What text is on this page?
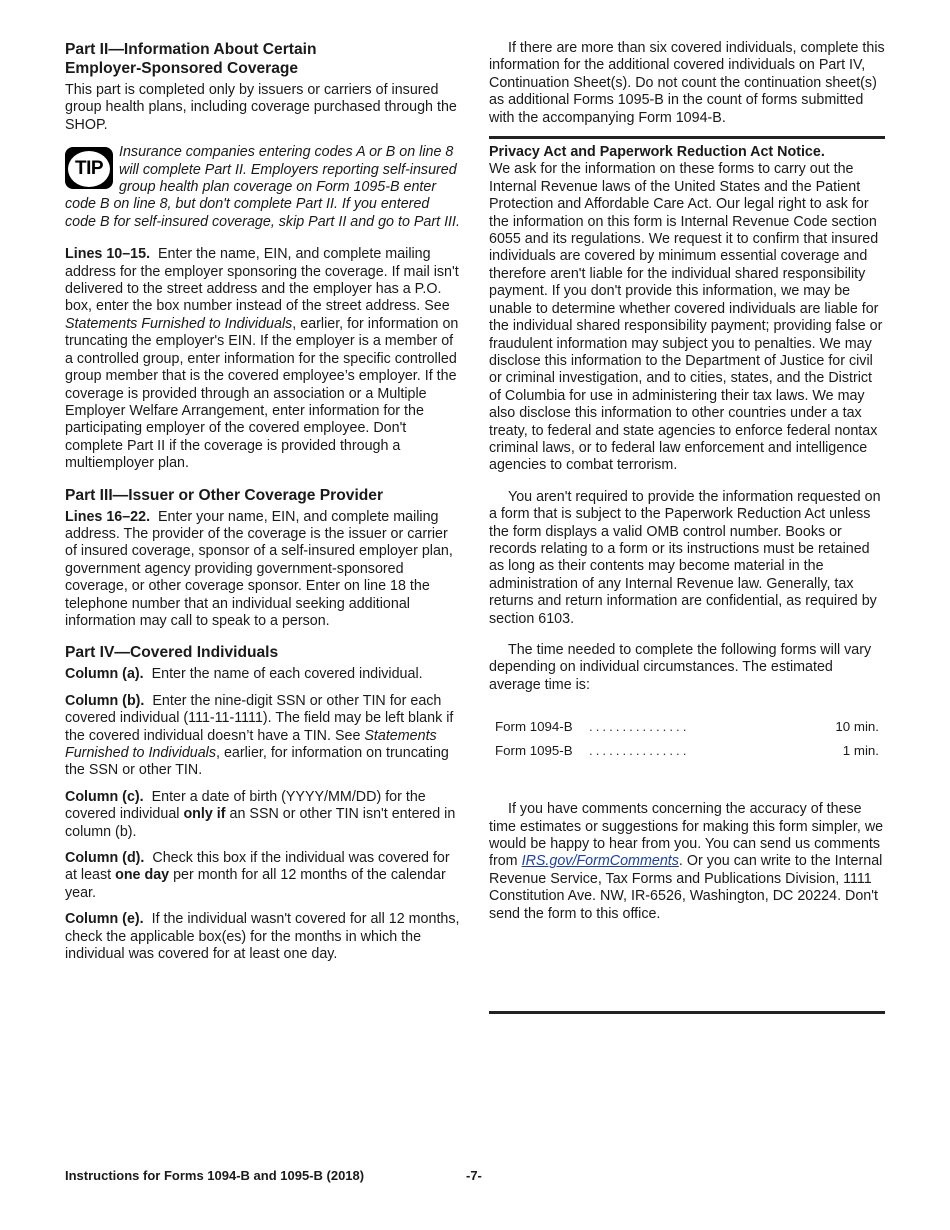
Part II—Information About Certain
Employer-Sponsored Coverage

This part is completed only by issuers or carriers of insured group health plans, including coverage purchased through the SHOP.

TIP
Insurance companies entering codes A or B on line 8 will complete Part II. Employers reporting self-insured group health plan coverage on Form 1095-B enter code B on line 8, but don't complete Part II. If you entered code B for self-insured coverage, skip Part II and go to Part III.

Lines 10–15. Enter the name, EIN, and complete mailing address for the employer sponsoring the coverage. If mail isn't delivered to the street address and the employer has a P.O. box, enter the box number instead of the street address. See Statements Furnished to Individuals, earlier, for information on truncating the employer's EIN. If the employer is a member of a controlled group, enter information for the specific controlled group member that is the covered employee’s employer. If the coverage is provided through an association or a Multiple Employer Welfare Arrangement, enter information for the participating employer of the covered employee. Don't complete Part II if the coverage is provided through a multiemployer plan.

Part III—Issuer or Other Coverage Provider

Lines 16–22. Enter your name, EIN, and complete mailing address. The provider of the coverage is the issuer or carrier of insured coverage, sponsor of a self-insured employer plan, government agency providing government-sponsored coverage, or other coverage sponsor. Enter on line 18 the telephone number that an individual seeking additional information may call to speak to a person.

Part IV—Covered Individuals

Column (a). Enter the name of each covered individual.

Column (b). Enter the nine-digit SSN or other TIN for each covered individual (111-11-1111). The field may be left blank if the covered individual doesn’t have a TIN. See Statements Furnished to Individuals, earlier, for information on truncating the SSN or other TIN.

Column (c). Enter a date of birth (YYYY/MM/DD) for the covered individual only if an SSN or other TIN isn't entered in column (b).

Column (d). Check this box if the individual was covered for at least one day per month for all 12 months of the calendar year.

Column (e). If the individual wasn't covered for all 12 months, check the applicable box(es) for the months in which the individual was covered for at least one day.

If there are more than six covered individuals, complete this information for the additional covered individuals on Part IV, Continuation Sheet(s). Do not count the continuation sheet(s) as additional Forms 1095-B in the count of forms submitted with the accompanying Form 1094-B.

Privacy Act and Paperwork Reduction Act Notice.
We ask for the information on these forms to carry out the Internal Revenue laws of the United States and the Patient Protection and Affordable Care Act. Our legal right to ask for the information on this form is Internal Revenue Code section 6055 and its regulations. We request it to confirm that insured individuals are covered by minimum essential coverage and therefore aren't liable for the individual shared responsibility payment. If you don't provide this information, we may be unable to determine whether covered individuals are liable for the individual shared responsibility payment; providing false or fraudulent information may subject you to penalties. We may disclose this information to the Department of Justice for civil or criminal investigation, and to cities, states, and the District of Columbia for use in administering their tax laws. We may also disclose this information to other countries under a tax treaty, to federal and state agencies to enforce federal nontax criminal laws, or to federal law enforcement and intelligence agencies to combat terrorism.

You aren't required to provide the information requested on a form that is subject to the Paperwork Reduction Act unless the form displays a valid OMB control number. Books or records relating to a form or its instructions must be retained as long as their contents may become material in the administration of any Internal Revenue law. Generally, tax returns and return information are confidential, as required by section 6103.

The time needed to complete the following forms will vary depending on individual circumstances. The estimated average time is:

Form 1094-B	...............	10 min.
Form 1095-B	...............	1 min.

If you have comments concerning the accuracy of these time estimates or suggestions for making this form simpler, we would be happy to hear from you. You can send us comments from IRS.gov/FormComments. Or you can write to the Internal Revenue Service, Tax Forms and Publications Division, 1111 Constitution Ave. NW, IR-6526, Washington, DC 20224. Don't send the form to this office.

Instructions for Forms 1094-B and 1095-B (2018)	-7-
